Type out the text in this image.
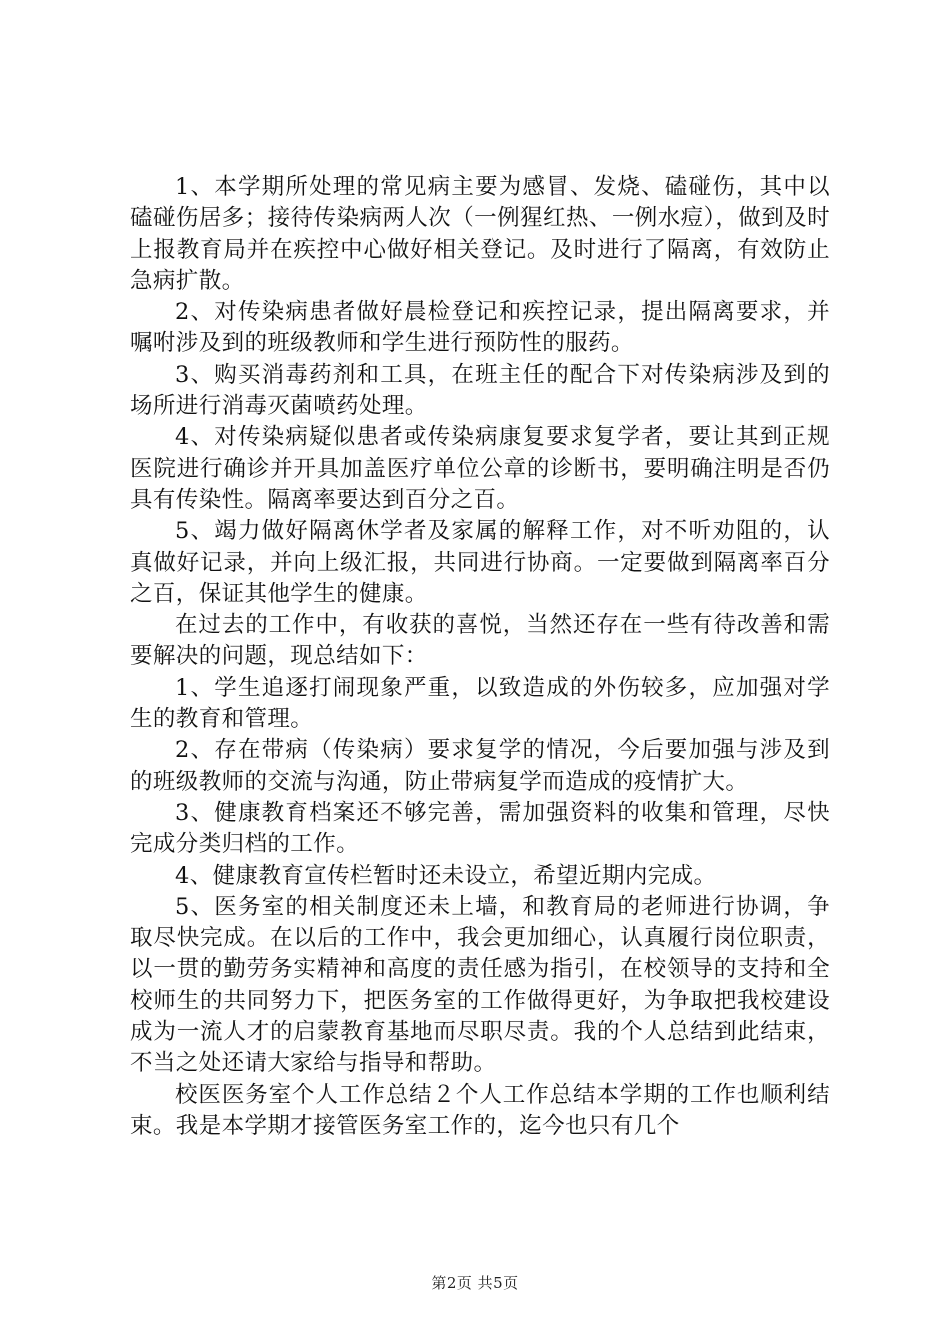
1、本学期所处理的常见病主要为感冒、发烧、磕碰伤，其中以磕碰伤居多；接待传染病两人次（一例猩红热、一例水痘），做到及时上报教育局并在疾控中心做好相关登记。及时进行了隔离，有效防止急病扩散。

2、对传染病患者做好晨检登记和疾控记录，提出隔离要求，并嘱咐涉及到的班级教师和学生进行预防性的服药。

3、购买消毒药剂和工具，在班主任的配合下对传染病涉及到的场所进行消毒灭菌喷药处理。

4、对传染病疑似患者或传染病康复要求复学者，要让其到正规医院进行确诊并开具加盖医疗单位公章的诊断书，要明确注明是否仍具有传染性。隔离率要达到百分之百。

5、竭力做好隔离休学者及家属的解释工作，对不听劝阻的，认真做好记录，并向上级汇报，共同进行协商。一定要做到隔离率百分之百，保证其他学生的健康。

在过去的工作中，有收获的喜悦，当然还存在一些有待改善和需要解决的问题，现总结如下：

1、学生追逐打闹现象严重，以致造成的外伤较多，应加强对学生的教育和管理。

2、存在带病（传染病）要求复学的情况，今后要加强与涉及到的班级教师的交流与沟通，防止带病复学而造成的疫情扩大。

3、健康教育档案还不够完善，需加强资料的收集和管理，尽快完成分类归档的工作。

4、健康教育宣传栏暂时还未设立，希望近期内完成。

5、医务室的相关制度还未上墙，和教育局的老师进行协调，争取尽快完成。在以后的工作中，我会更加细心，认真履行岗位职责，以一贯的勤劳务实精神和高度的责任感为指引，在校领导的支持和全校师生的共同努力下，把医务室的工作做得更好，为争取把我校建设成为一流人才的启蒙教育基地而尽职尽责。我的个人总结到此结束，不当之处还请大家给与指导和帮助。

校医医务室个人工作总结２个人工作总结本学期的工作也顺利结束。我是本学期才接管医务室工作的，迄今也只有几个

第2页 共5页
